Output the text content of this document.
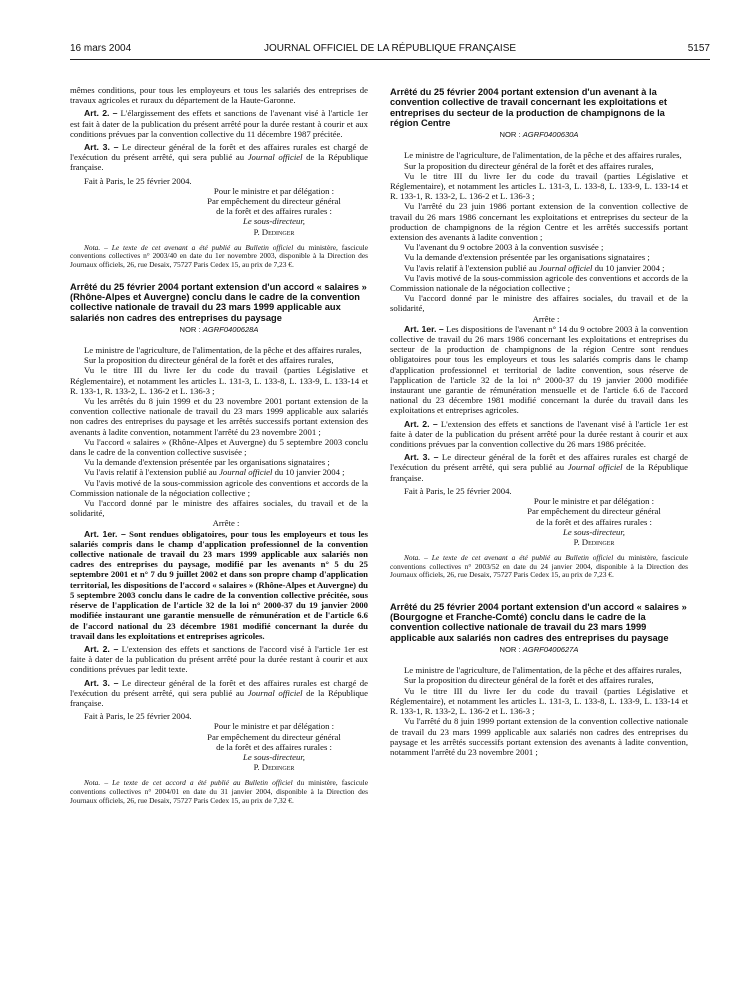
16 mars 2004	JOURNAL OFFICIEL DE LA RÉPUBLIQUE FRANÇAISE	5157

mêmes conditions, pour tous les employeurs et tous les salariés des entreprises de travaux agricoles et ruraux du département de la Haute-Garonne.

Art. 2. – L'élargissement des effets et sanctions de l'avenant visé à l'article 1er est fait à dater de la publication du présent arrêté pour la durée restant à courir et aux conditions prévues par la convention collective du 11 décembre 1987 précitée.

Art. 3. – Le directeur général de la forêt et des affaires rurales est chargé de l'exécution du présent arrêté, qui sera publié au Journal officiel de la République française.

Fait à Paris, le 25 février 2004.

Pour le ministre et par délégation :
Par empêchement du directeur général
de la forêt et des affaires rurales :
Le sous-directeur,
P. Dedinger

Nota. – Le texte de cet avenant a été publié au Bulletin officiel du ministère, fascicule conventions collectives n° 2003/40 en date du 1er novembre 2003, disponible à la Direction des Journaux officiels, 26, rue Desaix, 75727 Paris Cedex 15, au prix de 7,23 €.

Arrêté du 25 février 2004 portant extension d'un accord « salaires » (Rhône-Alpes et Auvergne) conclu dans le cadre de la convention collective nationale de travail du 23 mars 1999 applicable aux salariés non cadres des entreprises du paysage
NOR : AGRF0400628A

Le ministre de l'agriculture, de l'alimentation, de la pêche et des affaires rurales,

Sur la proposition du directeur général de la forêt et des affaires rurales,

Vu le titre III du livre Ier du code du travail (parties Législative et Réglementaire), et notamment les articles L. 131-3, L. 133-8, L. 133-9, L. 133-14 et R. 133-1, R. 133-2, L. 136-2 et L. 136-3 ;

Vu les arrêtés du 8 juin 1999 et du 23 novembre 2001 portant extension de la convention collective nationale de travail du 23 mars 1999 applicable aux salariés non cadres des entreprises du paysage et les arrêtés successifs portant extension des avenants à ladite convention, notamment l'arrêté du 23 novembre 2001 ;

Vu l'accord « salaires » (Rhône-Alpes et Auvergne) du 5 septembre 2003 conclu dans le cadre de la convention collective susvisée ;

Vu la demande d'extension présentée par les organisations signataires ;

Vu l'avis relatif à l'extension publié au Journal officiel du 10 janvier 2004 ;

Vu l'avis motivé de la sous-commission agricole des conventions et accords de la Commission nationale de la négociation collective ;

Vu l'accord donné par le ministre des affaires sociales, du travail et de la solidarité,

Arrête :

Art. 1er. – Sont rendues obligatoires, pour tous les employeurs et tous les salariés compris dans le champ d'application professionnel de la convention collective nationale de travail du 23 mars 1999 applicable aux salariés non cadres des entreprises du paysage, modifié par les avenants n° 5 du 25 septembre 2001 et n° 7 du 9 juillet 2002 et dans son propre champ d'application territorial, les dispositions de l'accord « salaires » (Rhône-Alpes et Auvergne) du 5 septembre 2003 conclu dans le cadre de la convention collective précitée, sous réserve de l'application de l'article 32 de la loi n° 2000-37 du 19 janvier 2000 modifiée instaurant une garantie mensuelle de rémunération et de l'article 6.6 de l'accord national du 23 décembre 1981 modifié concernant la durée du travail dans les exploitations et entreprises agricoles.

Art. 2. – L'extension des effets et sanctions de l'accord visé à l'article 1er est faite à dater de la publication du présent arrêté pour la durée restant à courir et aux conditions prévues par ledit texte.

Art. 3. – Le directeur général de la forêt et des affaires rurales est chargé de l'exécution du présent arrêté, qui sera publié au Journal officiel de la République française.

Fait à Paris, le 25 février 2004.

Pour le ministre et par délégation :
Par empêchement du directeur général
de la forêt et des affaires rurales :
Le sous-directeur,
P. Dedinger

Nota. – Le texte de cet accord a été publié au Bulletin officiel du ministère, fascicule conventions collectives n° 2004/01 en date du 31 janvier 2004, disponible à la Direction des Journaux officiels, 26, rue Desaix, 75727 Paris Cedex 15, au prix de 7,32 €.

Arrêté du 25 février 2004 portant extension d'un avenant à la convention collective de travail concernant les exploitations et entreprises du secteur de la production de champignons de la région Centre
NOR : AGRF0400630A

Le ministre de l'agriculture, de l'alimentation, de la pêche et des affaires rurales,

Sur la proposition du directeur général de la forêt et des affaires rurales,

Vu le titre III du livre Ier du code du travail (parties Législative et Réglementaire), et notamment les articles L. 131-3, L. 133-8, L. 133-9, L. 133-14 et R. 133-1, R. 133-2, L. 136-2 et L. 136-3 ;

Vu l'arrêté du 23 juin 1986 portant extension de la convention collective de travail du 26 mars 1986 concernant les exploitations et entreprises du secteur de la production de champignons de la région Centre et les arrêtés successifs portant extension des avenants à ladite convention ;

Vu l'avenant du 9 octobre 2003 à la convention susvisée ;

Vu la demande d'extension présentée par les organisations signataires ;

Vu l'avis relatif à l'extension publié au Journal officiel du 10 janvier 2004 ;

Vu l'avis motivé de la sous-commission agricole des conventions et accords de la Commission nationale de la négociation collective ;

Vu l'accord donné par le ministre des affaires sociales, du travail et de la solidarité,

Arrête :

Art. 1er. – Les dispositions de l'avenant n° 14 du 9 octobre 2003 à la convention collective de travail du 26 mars 1986 concernant les exploitations et entreprises du secteur de la production de champignons de la région Centre sont rendues obligatoires pour tous les employeurs et tous les salariés compris dans le champ d'application professionnel et territorial de ladite convention, sous réserve de l'application de l'article 32 de la loi n° 2000-37 du 19 janvier 2000 modifiée instaurant une garantie de rémunération mensuelle et de l'article 6.6 de l'accord national du 23 décembre 1981 modifié concernant la durée du travail dans les exploitations et entreprises agricoles.

Art. 2. – L'extension des effets et sanctions de l'avenant visé à l'article 1er est faite à dater de la publication du présent arrêté pour la durée restant à courir et aux conditions prévues par la convention collective du 26 mars 1986 précitée.

Art. 3. – Le directeur général de la forêt et des affaires rurales est chargé de l'exécution du présent arrêté, qui sera publié au Journal officiel de la République française.

Fait à Paris, le 25 février 2004.

Pour le ministre et par délégation :
Par empêchement du directeur général
de la forêt et des affaires rurales :
Le sous-directeur,
P. Dedinger

Nota. – Le texte de cet avenant a été publié au Bulletin officiel du ministère, fascicule conventions collectives n° 2003/52 en date du 24 janvier 2004, disponible à la Direction des Journaux officiels, 26, rue Desaix, 75727 Paris Cedex 15, au prix de 7,23 €.

Arrêté du 25 février 2004 portant extension d'un accord « salaires » (Bourgogne et Franche-Comté) conclu dans le cadre de la convention collective nationale de travail du 23 mars 1999 applicable aux salariés non cadres des entreprises du paysage
NOR : AGRF0400627A

Le ministre de l'agriculture, de l'alimentation, de la pêche et des affaires rurales,

Sur la proposition du directeur général de la forêt et des affaires rurales,

Vu le titre III du livre Ier du code du travail (parties Législative et Réglementaire), et notamment les articles L. 131-3, L. 133-8, L. 133-9, L. 133-14 et R. 133-1, R. 133-2, L. 136-2 et L. 136-3 ;

Vu l'arrêté du 8 juin 1999 portant extension de la convention collective nationale de travail du 23 mars 1999 applicable aux salariés non cadres des entreprises du paysage et les arrêtés successifs portant extension des avenants à ladite convention, notamment l'arrêté du 23 novembre 2001 ;
